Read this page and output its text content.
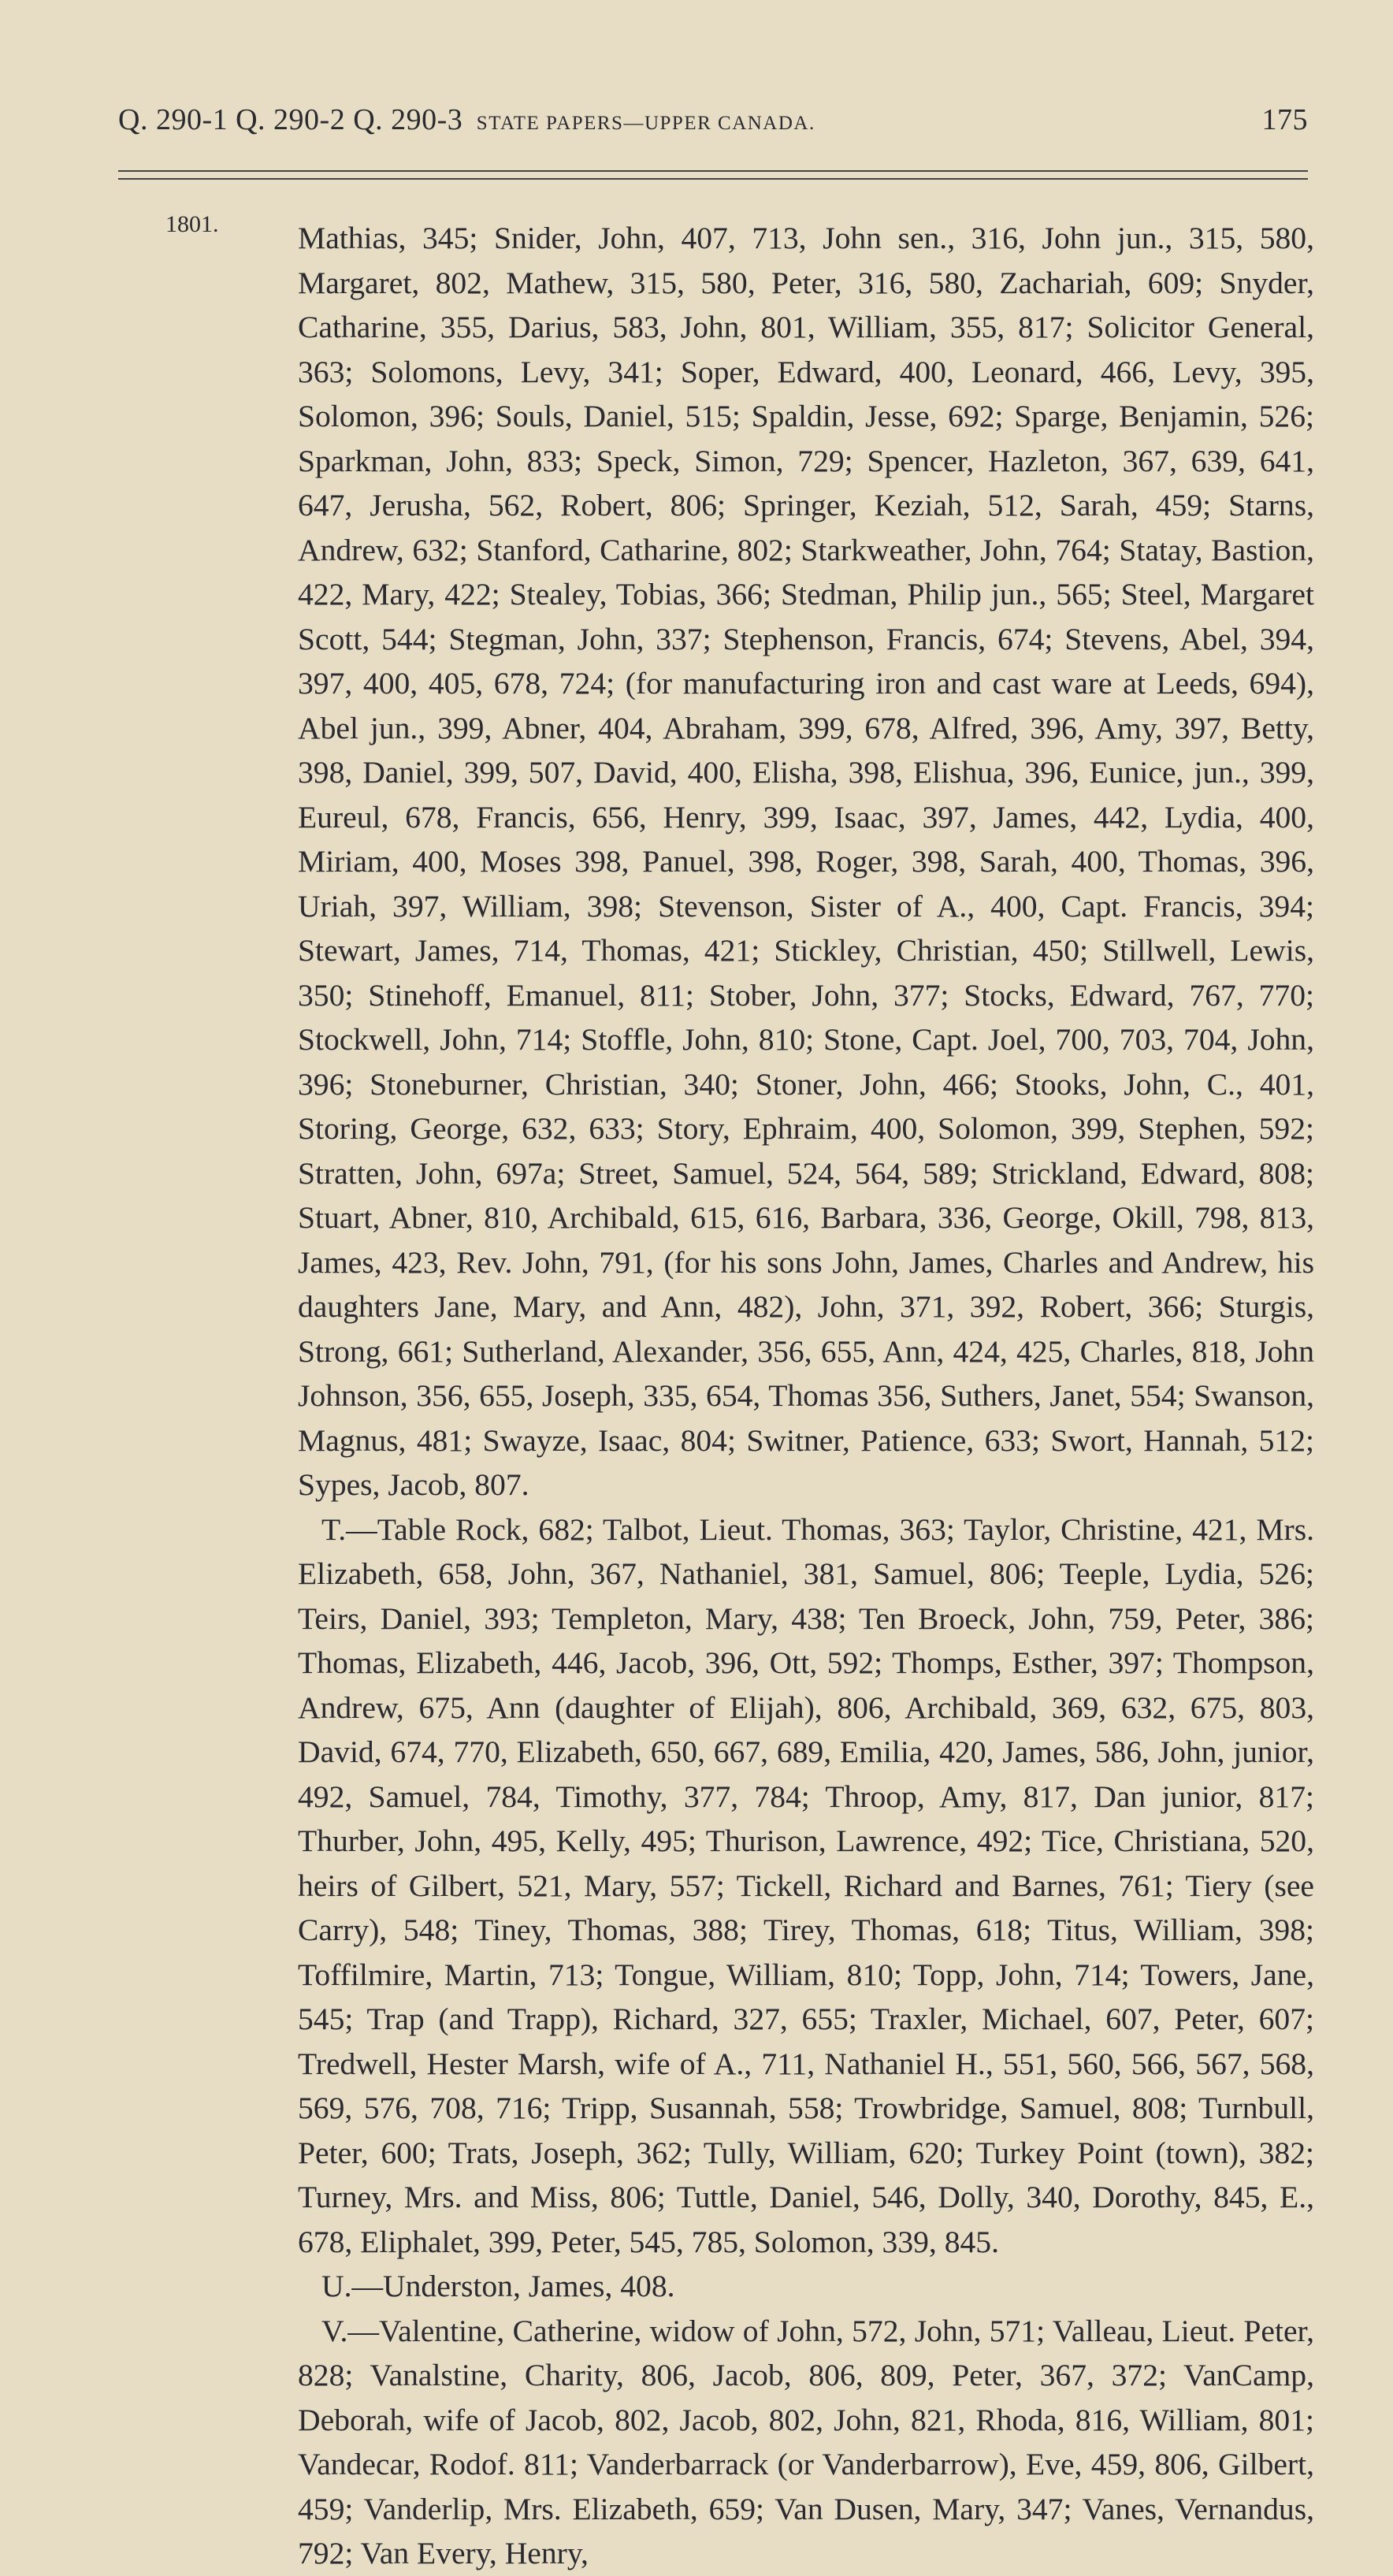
Q. 290-1 Q. 290-2 Q. 290-3 STATE PAPERS—UPPER CANADA.	175
1801.	Mathias, 345; Snider, John, 407, 713, John sen., 316, John jun., 315, 580, Margaret, 802, Mathew, 315, 580, Peter, 316, 580, Zachariah, 609; Snyder, Catharine, 355, Darius, 583, John, 801, William, 355, 817; Solicitor General, 363; Solomons, Levy, 341; Soper, Edward, 400, Leonard, 466, Levy, 395, Solomon, 396; Souls, Daniel, 515; Spaldin, Jesse, 692; Sparge, Benjamin, 526; Sparkman, John, 833; Speck, Simon, 729; Spencer, Hazleton, 367, 639, 641, 647, Jerusha, 562, Robert, 806; Springer, Keziah, 512, Sarah, 459; Starns, Andrew, 632; Stanford, Catharine, 802; Starkweather, John, 764; Statay, Bastion, 422, Mary, 422; Stealey, Tobias, 366; Stedman, Philip jun., 565; Steel, Margaret Scott, 544; Stegman, John, 337; Stephenson, Francis, 674; Stevens, Abel, 394, 397, 400, 405, 678, 724; (for manufacturing iron and cast ware at Leeds, 694), Abel jun., 399, Abner, 404, Abraham, 399, 678, Alfred, 396, Amy, 397, Betty, 398, Daniel, 399, 507, David, 400, Elisha, 398, Elishua, 396, Eunice, jun., 399, Eureul, 678, Francis, 656, Henry, 399, Isaac, 397, James, 442, Lydia, 400, Miriam, 400, Moses 398, Panuel, 398, Roger, 398, Sarah, 400, Thomas, 396, Uriah, 397, William, 398; Stevenson, Sister of A., 400, Capt. Francis, 394; Stewart, James, 714, Thomas, 421; Stickley, Christian, 450; Stillwell, Lewis, 350; Stinehoff, Emanuel, 811; Stober, John, 377; Stocks, Edward, 767, 770; Stockwell, John, 714; Stoffle, John, 810; Stone, Capt. Joel, 700, 703, 704, John, 396; Stoneburner, Christian, 340; Stoner, John, 466; Stooks, John, C., 401, Storing, George, 632, 633; Story, Ephraim, 400, Solomon, 399, Stephen, 592; Stratten, John, 697a; Street, Samuel, 524, 564, 589; Strickland, Edward, 808; Stuart, Abner, 810, Archibald, 615, 616, Barbara, 336, George, Okill, 798, 813, James, 423, Rev. John, 791, (for his sons John, James, Charles and Andrew, his daughters Jane, Mary, and Ann, 482), John, 371, 392, Robert, 366; Sturgis, Strong, 661; Sutherland, Alexander, 356, 655, Ann, 424, 425, Charles, 818, John Johnson, 356, 655, Joseph, 335, 654, Thomas 356, Suthers, Janet, 554; Swanson, Magnus, 481; Swayze, Isaac, 804; Switner, Patience, 633; Swort, Hannah, 512; Sypes, Jacob, 807.

T.—Table Rock, 682; Talbot, Lieut. Thomas, 363; Taylor, Christine, 421, Mrs. Elizabeth, 658, John, 367, Nathaniel, 381, Samuel, 806; Teeple, Lydia, 526; Teirs, Daniel, 393; Templeton, Mary, 438; Ten Broeck, John, 759, Peter, 386; Thomas, Elizabeth, 446, Jacob, 396, Ott, 592; Thomps, Esther, 397; Thompson, Andrew, 675, Ann (daughter of Elijah), 806, Archibald, 369, 632, 675, 803, David, 674, 770, Elizabeth, 650, 667, 689, Emilia, 420, James, 586, John, junior, 492, Samuel, 784, Timothy, 377, 784; Throop, Amy, 817, Dan junior, 817; Thurber, John, 495, Kelly, 495; Thurison, Lawrence, 492; Tice, Christiana, 520, heirs of Gilbert, 521, Mary, 557; Tickell, Richard and Barnes, 761; Tiery (see Carry), 548; Tiney, Thomas, 388; Tirey, Thomas, 618; Titus, William, 398; Toffilmire, Martin, 713; Tongue, William, 810; Topp, John, 714; Towers, Jane, 545; Trap (and Trapp), Richard, 327, 655; Traxler, Michael, 607, Peter, 607; Tredwell, Hester Marsh, wife of A., 711, Nathaniel H., 551, 560, 566, 567, 568, 569, 576, 708, 716; Tripp, Susannah, 558; Trowbridge, Samuel, 808; Turnbull, Peter, 600; Trats, Joseph, 362; Tully, William, 620; Turkey Point (town), 382; Turney, Mrs. and Miss, 806; Tuttle, Daniel, 546, Dolly, 340, Dorothy, 845, E., 678, Eliphalet, 399, Peter, 545, 785, Solomon, 339, 845.

U.—Underston, James, 408.

V.—Valentine, Catherine, widow of John, 572, John, 571; Valleau, Lieut. Peter, 828; Vanalstine, Charity, 806, Jacob, 806, 809, Peter, 367, 372; VanCamp, Deborah, wife of Jacob, 802, Jacob, 802, John, 821, Rhoda, 816, William, 801; Vandecar, Rodof. 811; Vanderbarrack (or Vanderbarrow), Eve, 459, 806, Gilbert, 459; Vanderlip, Mrs. Elizabeth, 659; Van Dusen, Mary, 347; Vanes, Vernandus, 792; Van Every, Henry,
